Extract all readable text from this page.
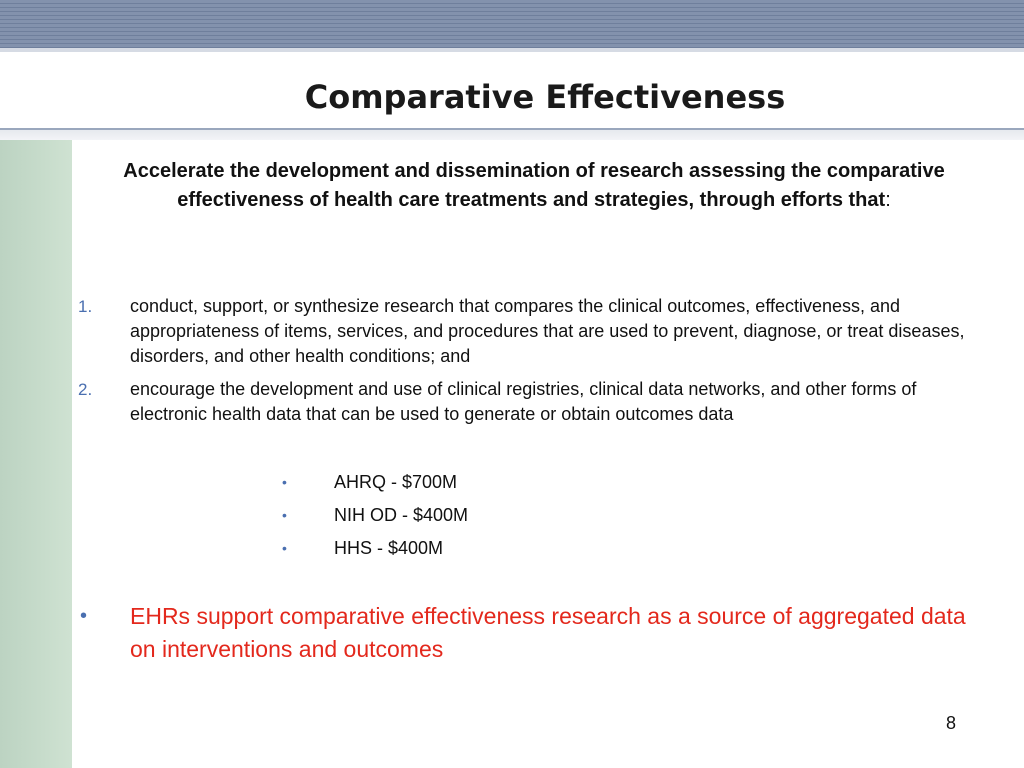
Comparative Effectiveness

Accelerate the development and dissemination of research assessing the comparative effectiveness of health care treatments and strategies, through efforts that:

1. conduct, support, or synthesize research that compares the clinical outcomes, effectiveness, and appropriateness of items, services, and procedures that are used to prevent, diagnose, or treat diseases, disorders, and other health conditions; and
2. encourage the development and use of clinical registries, clinical data networks, and other forms of electronic health data that can be used to generate or obtain outcomes data
•	AHRQ - $700M
•	NIH OD - $400M
•	HHS - $400M

• EHRs support comparative effectiveness research as a source of aggregated data on interventions and outcomes

8
